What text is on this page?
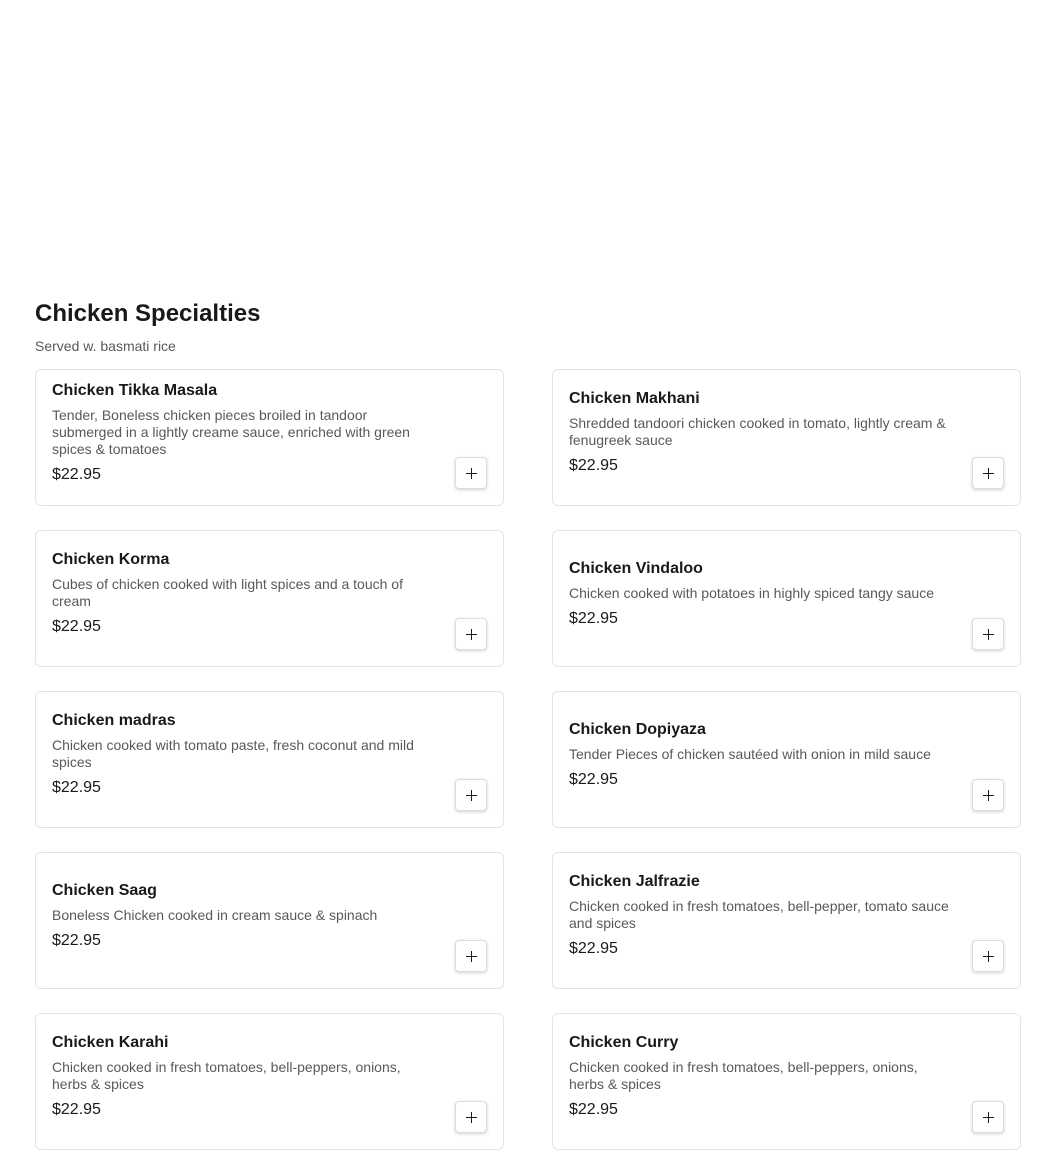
Chicken Specialties

Served w. basmati rice

Chicken Tikka Masala
Tender, Boneless chicken pieces broiled in tandoor submerged in a lightly creame sauce, enriched with green spices & tomatoes
$22.95
Chicken Makhani
Shredded tandoori chicken cooked in tomato, lightly cream & fenugreek sauce
$22.95
Chicken Korma
Cubes of chicken cooked with light spices and a touch of cream
$22.95
Chicken Vindaloo
Chicken cooked with potatoes in highly spiced tangy sauce
$22.95
Chicken madras
Chicken cooked with tomato paste, fresh coconut and mild spices
$22.95
Chicken Dopiyaza
Tender Pieces of chicken sautéed with onion in mild sauce
$22.95
Chicken Saag
Boneless Chicken cooked in cream sauce & spinach
$22.95
Chicken Jalfrazie
Chicken cooked in fresh tomatoes, bell-pepper, tomato sauce and spices
$22.95
Chicken Karahi
Chicken cooked in fresh tomatoes, bell-peppers, onions, herbs & spices
$22.95
Chicken Curry
Chicken cooked in fresh tomatoes, bell-peppers, onions, herbs & spices
$22.95
